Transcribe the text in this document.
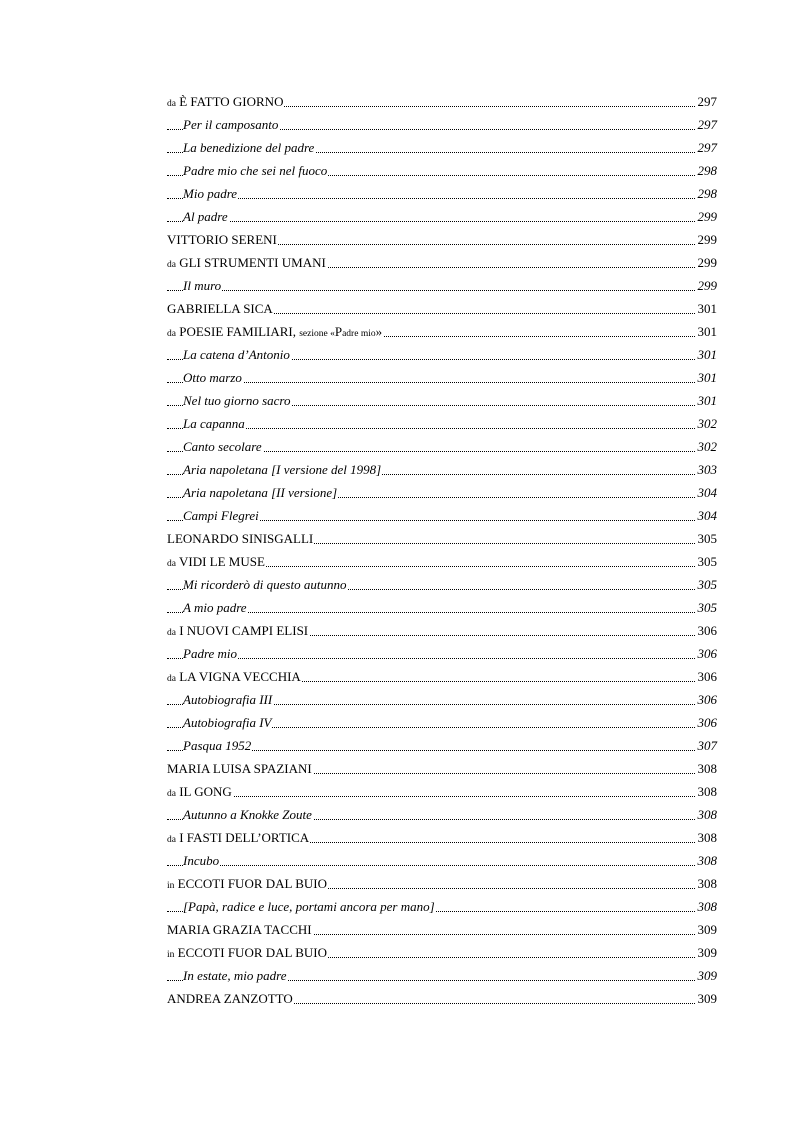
da È FATTO GIORNO	297
Per il camposanto	297
La benedizione del padre	297
Padre mio che sei nel fuoco	298
Mio padre	298
Al padre	299
VITTORIO SERENI	299
da GLI STRUMENTI UMANI	299
Il muro	299
GABRIELLA SICA	301
da POESIE FAMILIARI, sezione «Padre mio»	301
La catena d’Antonio	301
Otto marzo	301
Nel tuo giorno sacro	301
La capanna	302
Canto secolare	302
Aria napoletana [I versione del 1998]	303
Aria napoletana [II versione]	304
Campi Flegrei	304
LEONARDO SINISGALLI	305
da VIDI LE MUSE	305
Mi ricorderò di questo autunno	305
A mio padre	305
da I NUOVI CAMPI ELISI	306
Padre mio	306
da LA VIGNA VECCHIA	306
Autobiografia III	306
Autobiografia IV	306
Pasqua 1952	307
MARIA LUISA SPAZIANI	308
da IL GONG	308
Autunno a Knokke Zoute	308
da I FASTI DELL’ORTICA	308
Incubo	308
in ECCOTI FUOR DAL BUIO	308
[Papà, radice e luce, portami ancora per mano]	308
MARIA GRAZIA TACCHI	309
in ECCOTI FUOR DAL BUIO	309
In estate, mio padre	309
ANDREA ZANZOTTO	309
